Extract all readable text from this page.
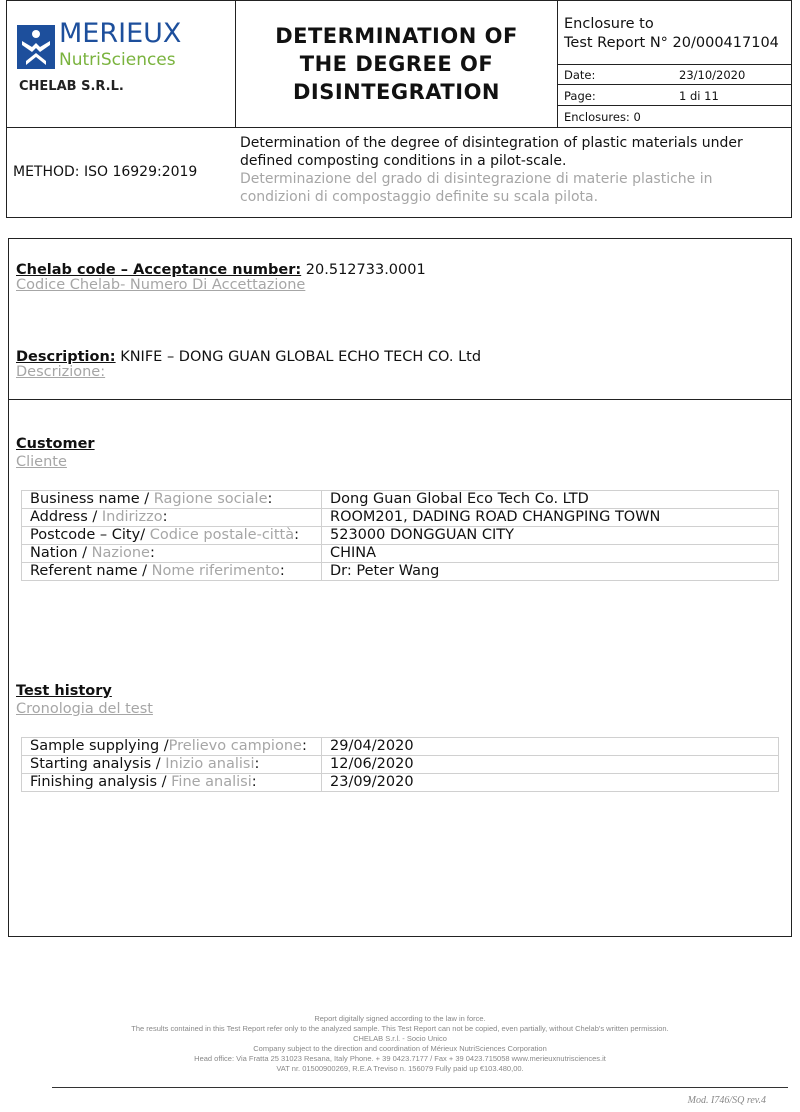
MERIEUX
NutriSciences
CHELAB S.R.L.
DETERMINATION OF
THE DEGREE OF
DISINTEGRATION
Enclosure to
Test Report N° 20/000417104
Date:	23/10/2020
Page:	1 di 11
Enclosures: 0
METHOD: ISO 16929:2019
Determination of the degree of disintegration of plastic materials under
defined composting conditions in a pilot-scale.
Determinazione del grado di disintegrazione di materie plastiche in
condizioni di compostaggio definite su scala pilota.
Chelab code – Acceptance number: 20.512733.0001
Codice Chelab- Numero Di Accettazione
Description: KNIFE – DONG GUAN GLOBAL ECHO TECH CO. Ltd
Descrizione:
Customer
Cliente
Business name / Ragione sociale:	Dong Guan Global Eco Tech Co. LTD
Address / Indirizzo:	ROOM201, DADING ROAD CHANGPING TOWN
Postcode – City/ Codice postale-città:	523000 DONGGUAN CITY
Nation / Nazione:	CHINA
Referent name / Nome riferimento:	Dr: Peter Wang
Test history
Cronologia del test
Sample supplying /Prelievo campione:	29/04/2020
Starting analysis / Inizio analisi:	12/06/2020
Finishing analysis / Fine analisi:	23/09/2020
Report digitally signed according to the law in force.
The results contained in this Test Report refer only to the analyzed sample. This Test Report can not be copied, even partially, without Chelab's written permission.
CHELAB S.r.l. - Socio Unico
Company subject to the direction and coordination of Mérieux NutriSciences Corporation
Head office: Via Fratta 25 31023 Resana, Italy Phone. + 39 0423.7177 / Fax + 39 0423.715058 www.merieuxnutrisciences.it
VAT nr. 01500900269, R.E.A Treviso n. 156079 Fully paid up €103.480,00.
Mod. I746/SQ rev.4
